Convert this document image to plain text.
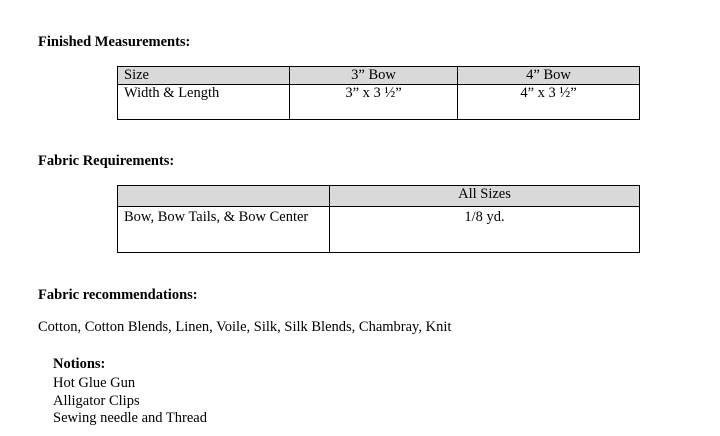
Finished Measurements:
Size	3” Bow	4” Bow
Width & Length	3” x 3 ½”	4” x 3 ½”
Fabric Requirements:
	All Sizes
Bow, Bow Tails, & Bow Center	1/8 yd.
Fabric recommendations:
Cotton, Cotton Blends, Linen, Voile, Silk, Silk Blends, Chambray, Knit
Notions:
Hot Glue Gun
Alligator Clips
Sewing needle and Thread
